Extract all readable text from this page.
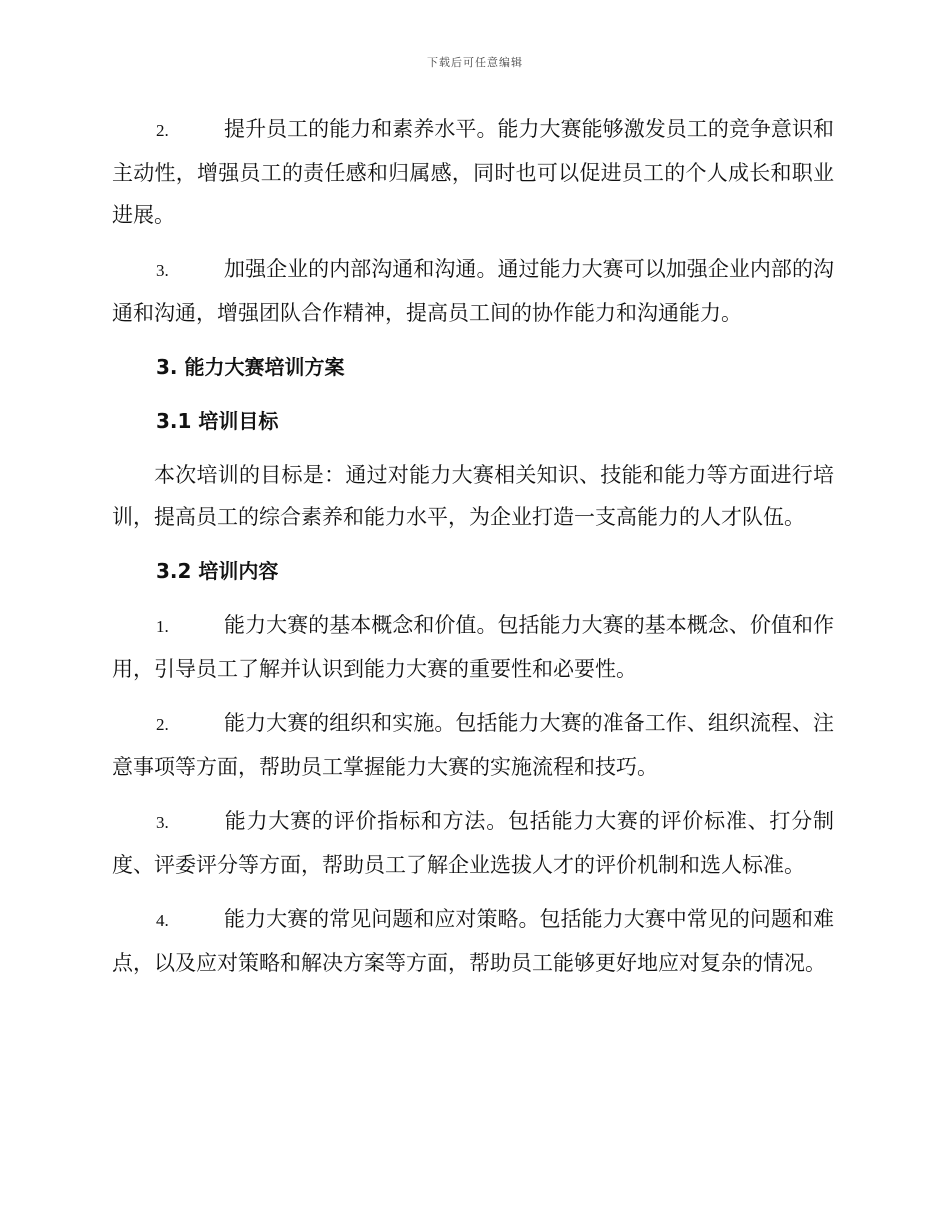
下载后可任意编辑
2.	提升员工的能力和素养水平。能力大赛能够激发员工的竞争意识和主动性，增强员工的责任感和归属感，同时也可以促进员工的个人成长和职业进展。
3.	加强企业的内部沟通和沟通。通过能力大赛可以加强企业内部的沟通和沟通，增强团队合作精神，提高员工间的协作能力和沟通能力。
3. 能力大赛培训方案
3.1 培训目标

本次培训的目标是：通过对能力大赛相关知识、技能和能力等方面进行培训，提高员工的综合素养和能力水平，为企业打造一支高能力的人才队伍。

3.2 培训内容
1.	能力大赛的基本概念和价值。包括能力大赛的基本概念、价值和作用，引导员工了解并认识到能力大赛的重要性和必要性。
2.	能力大赛的组织和实施。包括能力大赛的准备工作、组织流程、注意事项等方面，帮助员工掌握能力大赛的实施流程和技巧。
3.	能力大赛的评价指标和方法。包括能力大赛的评价标准、打分制度、评委评分等方面，帮助员工了解企业选拔人才的评价机制和选人标准。
4.	能力大赛的常见问题和应对策略。包括能力大赛中常见的问题和难点，以及应对策略和解决方案等方面，帮助员工能够更好地应对复杂的情况。
